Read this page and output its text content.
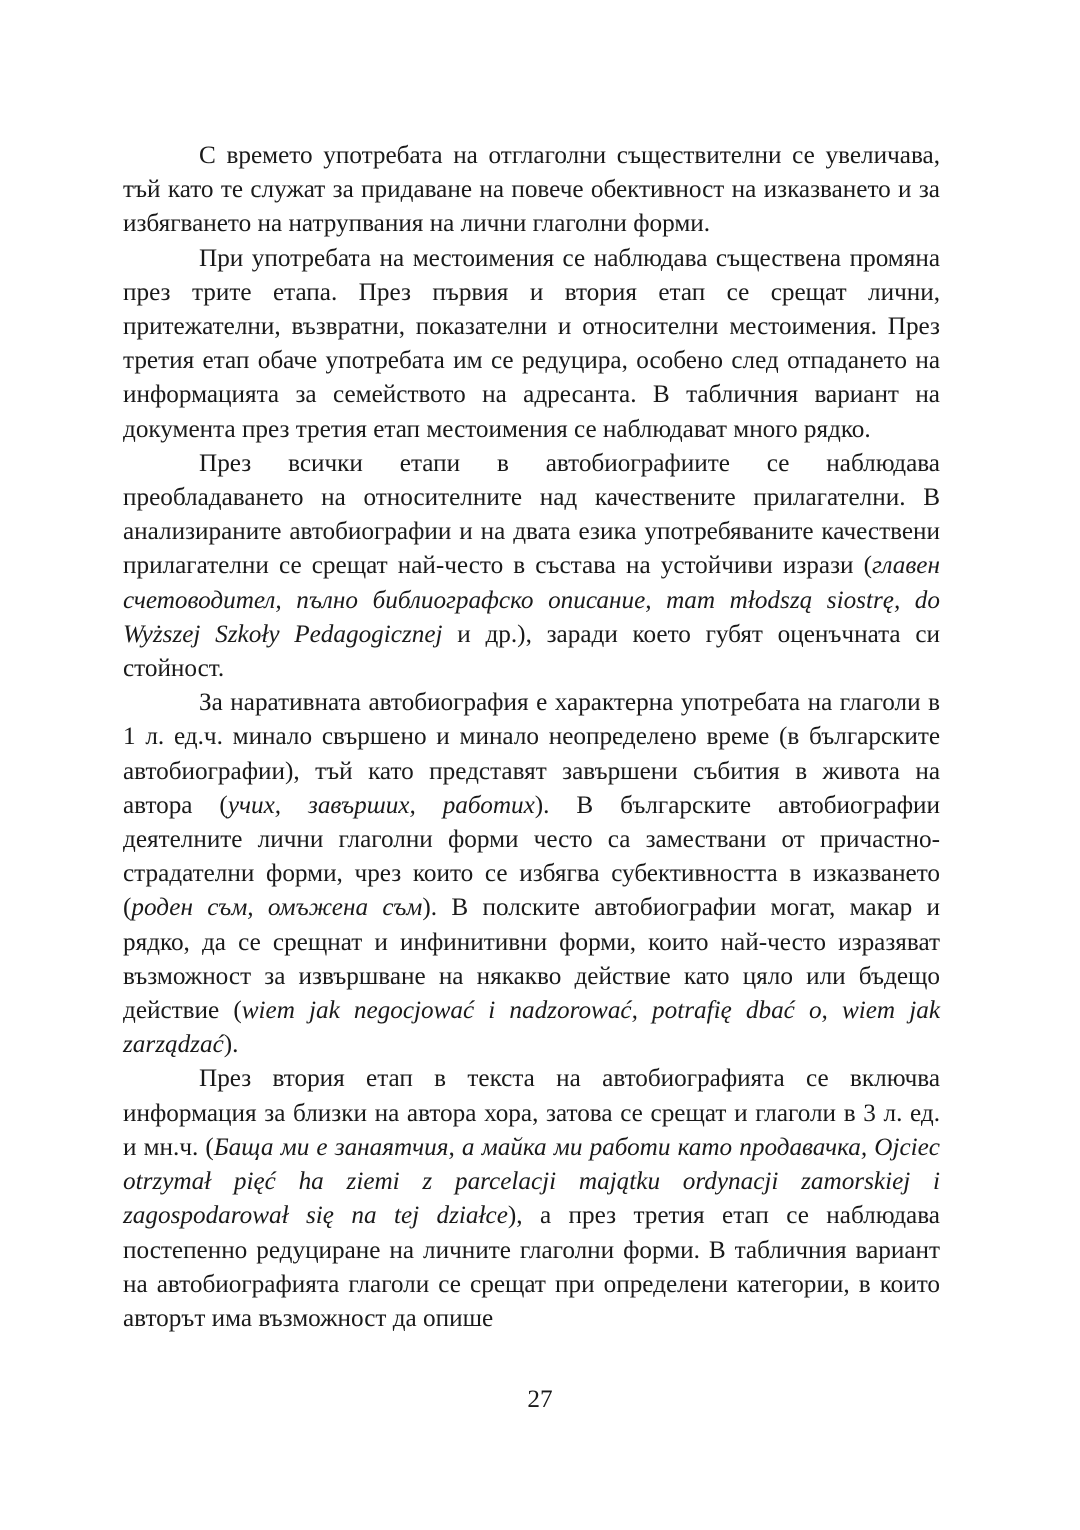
С времето употребата на отглаголни съществителни се увеличава, тъй като те служат за придаване на повече обективност на изказването и за избягването на натрупвания на лични глаголни форми.

При употребата на местоимения се наблюдава съществена промяна през трите етапа. През първия и втория етап се срещат лични, притежателни, възвратни, показателни и относителни местоимения. През третия етап обаче употребата им се редуцира, особено след отпадането на информацията за семейството на адресанта. В табличния вариант на документа през третия етап местоимения се наблюдават много рядко.

През всички етапи в автобиографиите се наблюдава преобладаването на относителните над качествените прилагателни. В анализираните автобиографии и на двата езика употребяваните качествени прилагателни се срещат най-често в състава на устойчиви изрази (главен счетоводител, пълно библиографско описание, mam młodszą siostrę, do Wyższej Szkoły Pedagogicznej и др.), заради което губят оценъчната си стойност.

За наративната автобиография е характерна употребата на глаголи в 1 л. ед.ч. минало свършено и минало неопределено време (в българските автобиографии), тъй като представят завършени събития в живота на автора (учих, завърших, работих). В българските автобиографии деятелните лични глаголни форми често са замествани от причастно-страдателни форми, чрез които се избягва субективността в изказването (роден съм, омъжена съм). В полските автобиографии могат, макар и рядко, да се срещнат и инфинитивни форми, които най-често изразяват възможност за извършване на някакво действие като цяло или бъдещо действие (wiem jak negocjować i nadzorować, potrafię dbać o, wiem jak zarządzać).

През втория етап в текста на автобиографията се включва информация за близки на автора хора, затова се срещат и глаголи в 3 л. ед. и мн.ч. (Баща ми е занаятчия, а майка ми работи като продавачка, Ojciec otrzymał pięć ha ziemi z parcelacji majątku ordynacji zamorskiej i zagospodarował się na tej działce), а през третия етап се наблюдава постепенно редуциране на личните глаголни форми. В табличния вариант на автобиографията глаголи се срещат при определени категории, в които авторът има възможност да опише

27
